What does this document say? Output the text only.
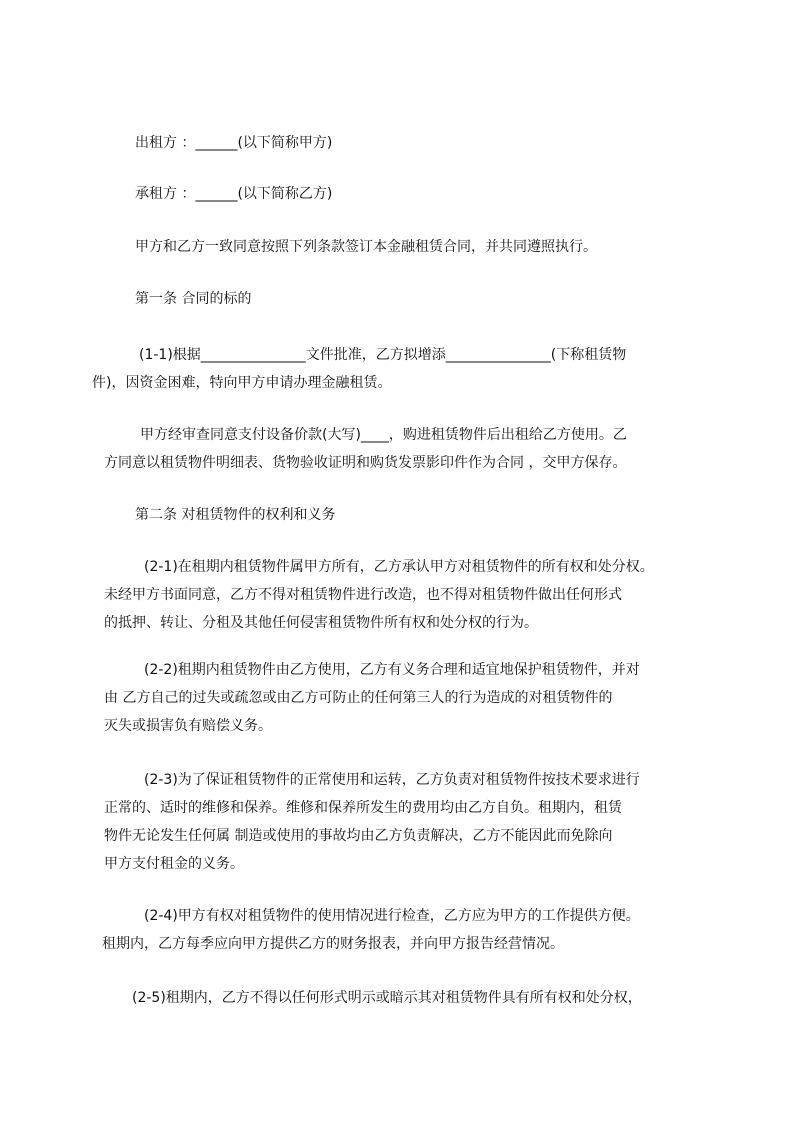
出租方 ：______(以下简称甲方)

承租方 ：______(以下简称乙方)

甲方和乙方一致同意按照下列条款签订本金融租赁合同，并共同遵照执行。

第一条 合同的标的

(1-1)根据_______________文件批准，乙方拟增添_______________(下称租赁物
件)，因资金困难，特向甲方申请办理金融租赁。

甲方经审查同意支付设备价款(大写)____，购进租赁物件后出租给乙方使用。乙
方同意以租赁物件明细表、货物验收证明和购货发票影印件作为合同 ，交甲方保存。

第二条 对租赁物件的权利和义务

(2-1)在租期内租赁物件属甲方所有，乙方承认甲方对租赁物件的所有权和处分权。
未经甲方书面同意，乙方不得对租赁物件进行改造，也不得对租赁物件做出任何形式
的抵押、转让、分租及其他任何侵害租赁物件所有权和处分权的行为。

(2-2)租期内租赁物件由乙方使用，乙方有义务合理和适宜地保护租赁物件，并对
由 乙方自己的过失或疏忽或由乙方可防止的任何第三人的行为造成的对租赁物件的
灭失或损害负有赔偿义务。

(2-3)为了保证租赁物件的正常使用和运转，乙方负责对租赁物件按技术要求进行
正常的、适时的维修和保养。维修和保养所发生的费用均由乙方自负。租期内，租赁
物件无论发生任何属 制造或使用的事故均由乙方负责解决，乙方不能因此而免除向
甲方支付租金的义务。

(2-4)甲方有权对租赁物件的使用情况进行检查，乙方应为甲方的工作提供方便。
租期内，乙方每季应向甲方提供乙方的财务报表，并向甲方报告经营情况。

(2-5)租期内，乙方不得以任何形式明示或暗示其对租赁物件具有所有权和处分权，
